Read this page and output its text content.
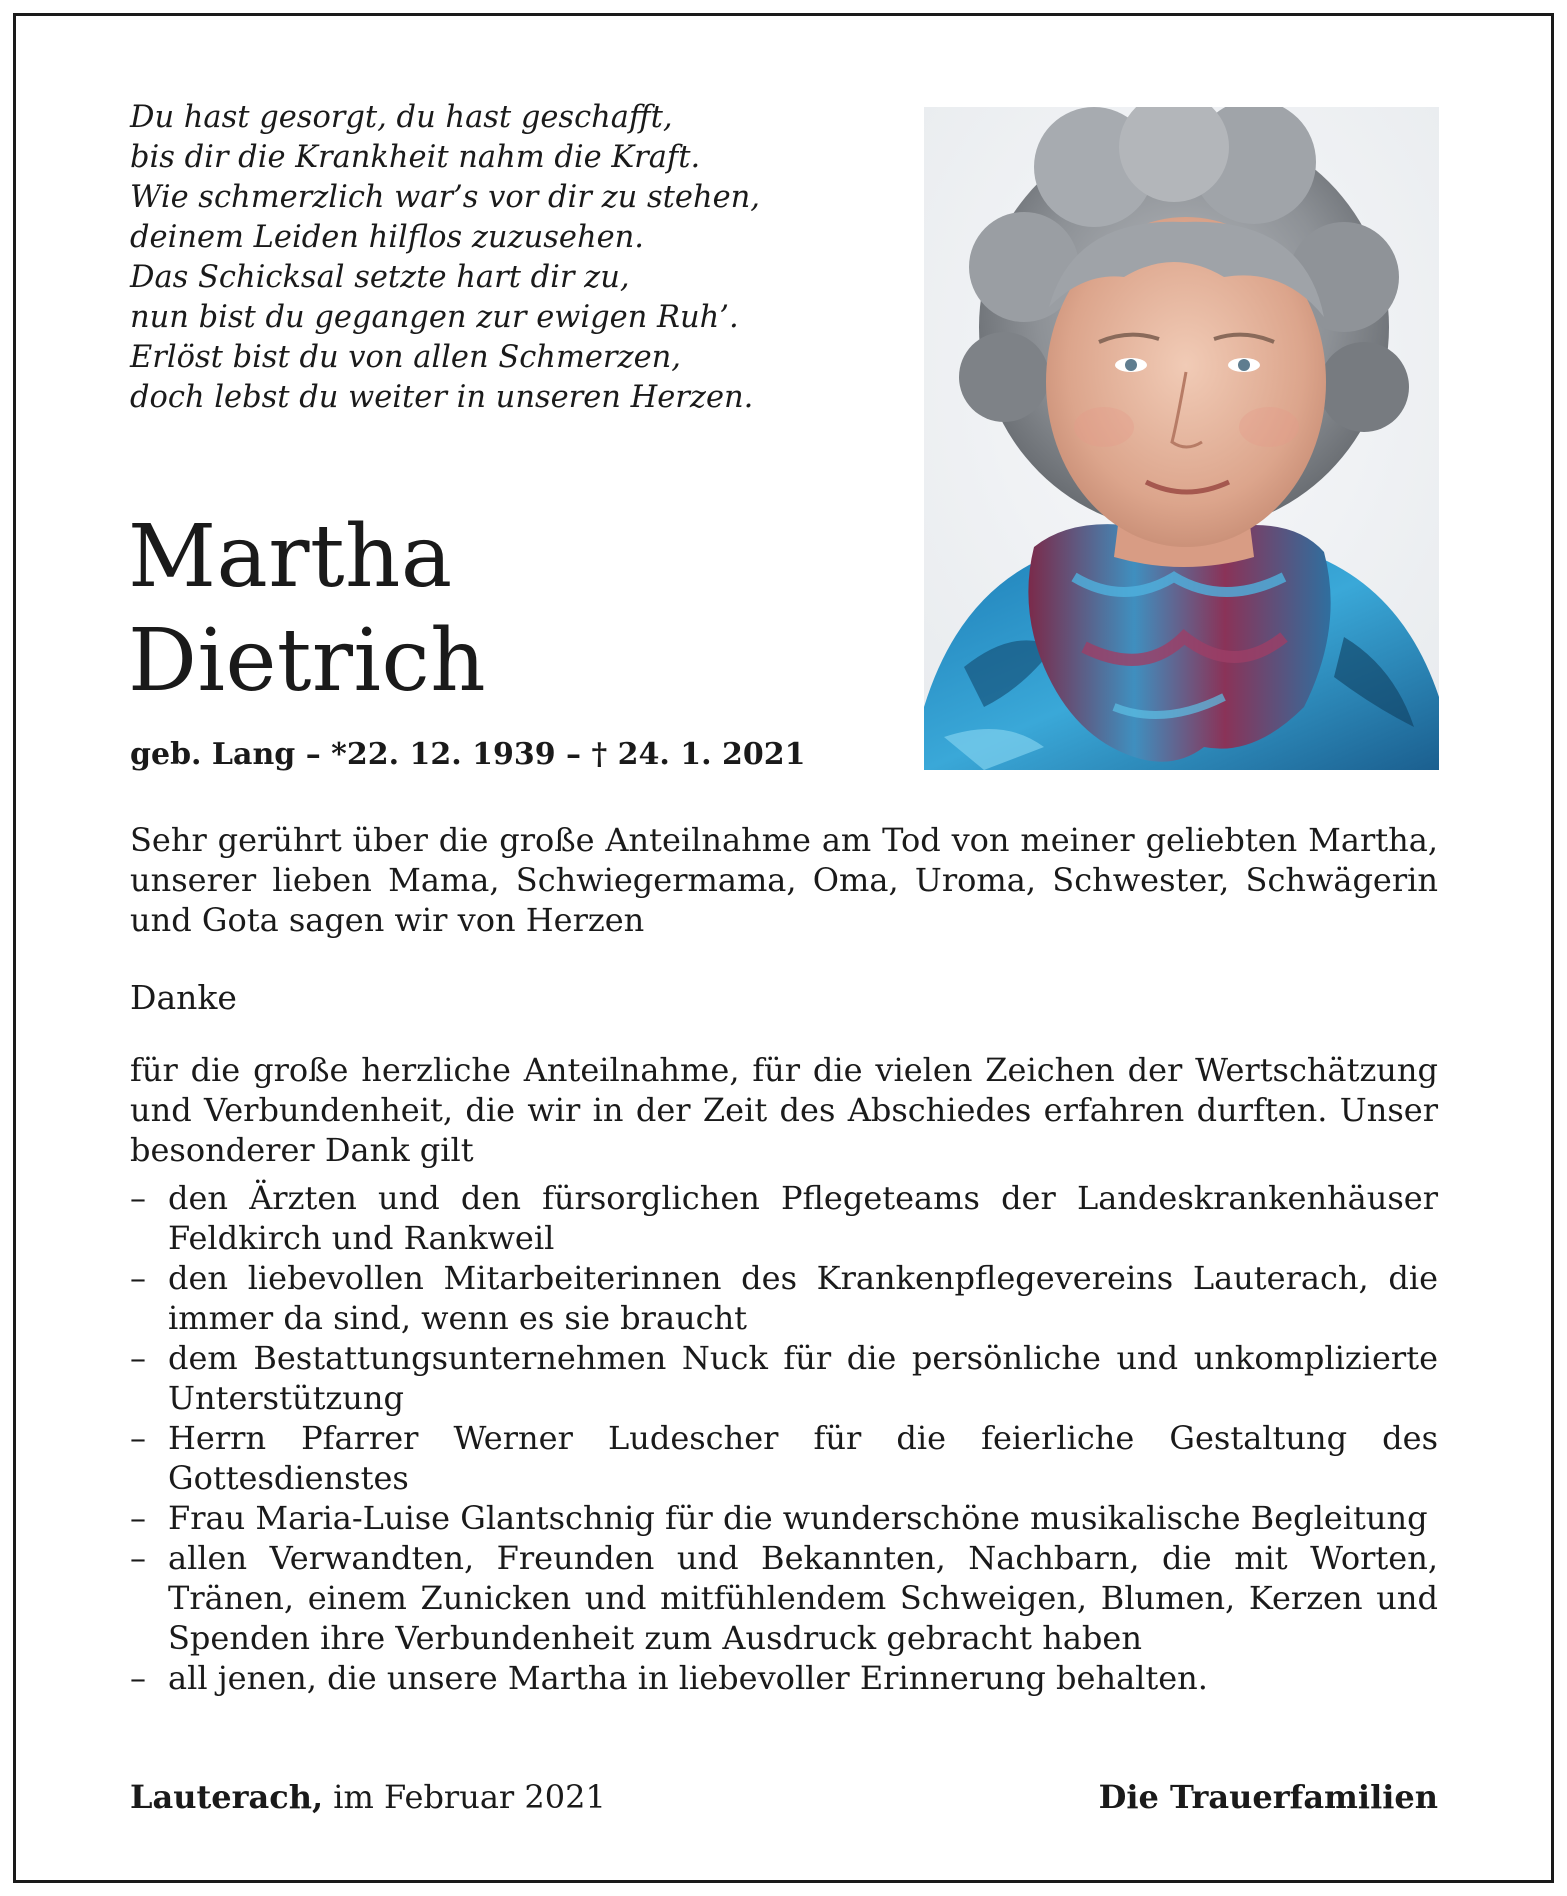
Du hast gesorgt, du hast geschafft,
bis dir die Krankheit nahm die Kraft.
Wie schmerzlich war’s vor dir zu stehen,
deinem Leiden hilflos zuzusehen.
Das Schicksal setzte hart dir zu,
nun bist du gegangen zur ewigen Ruh’.
Erlöst bist du von allen Schmerzen,
doch lebst du weiter in unseren Herzen.
Martha
Dietrich
geb. Lang – *22. 12. 1939 – † 24. 1. 2021

Sehr gerührt über die große Anteilnahme am Tod von meiner geliebten Martha, unserer lieben Mama, Schwiegermama, Oma, Uroma, Schwester, Schwägerin und Gota sagen wir von Herzen

Danke

für die große herzliche Anteilnahme, für die vielen Zeichen der Wertschätzung und Verbundenheit, die wir in der Zeit des Abschiedes erfahren durften. Unser besonderer Dank gilt

– den Ärzten und den fürsorglichen Pflegeteams der Landeskrankenhäuser Feldkirch und Rankweil
– den liebevollen Mitarbeiterinnen des Krankenpflegevereins Lauterach, die immer da sind, wenn es sie braucht
– dem Bestattungsunternehmen Nuck für die persönliche und unkomplizierte Unterstützung
– Herrn Pfarrer Werner Ludescher für die feierliche Gestaltung des Gottesdienstes
– Frau Maria-Luise Glantschnig für die wunderschöne musikalische Begleitung
– allen Verwandten, Freunden und Bekannten, Nachbarn, die mit Worten, Tränen, einem Zunicken und mitfühlendem Schweigen, Blumen, Kerzen und Spenden ihre Verbundenheit zum Ausdruck gebracht haben
– all jenen, die unsere Martha in liebevoller Erinnerung behalten.
Lauterach, im Februar 2021	Die Trauerfamilien
